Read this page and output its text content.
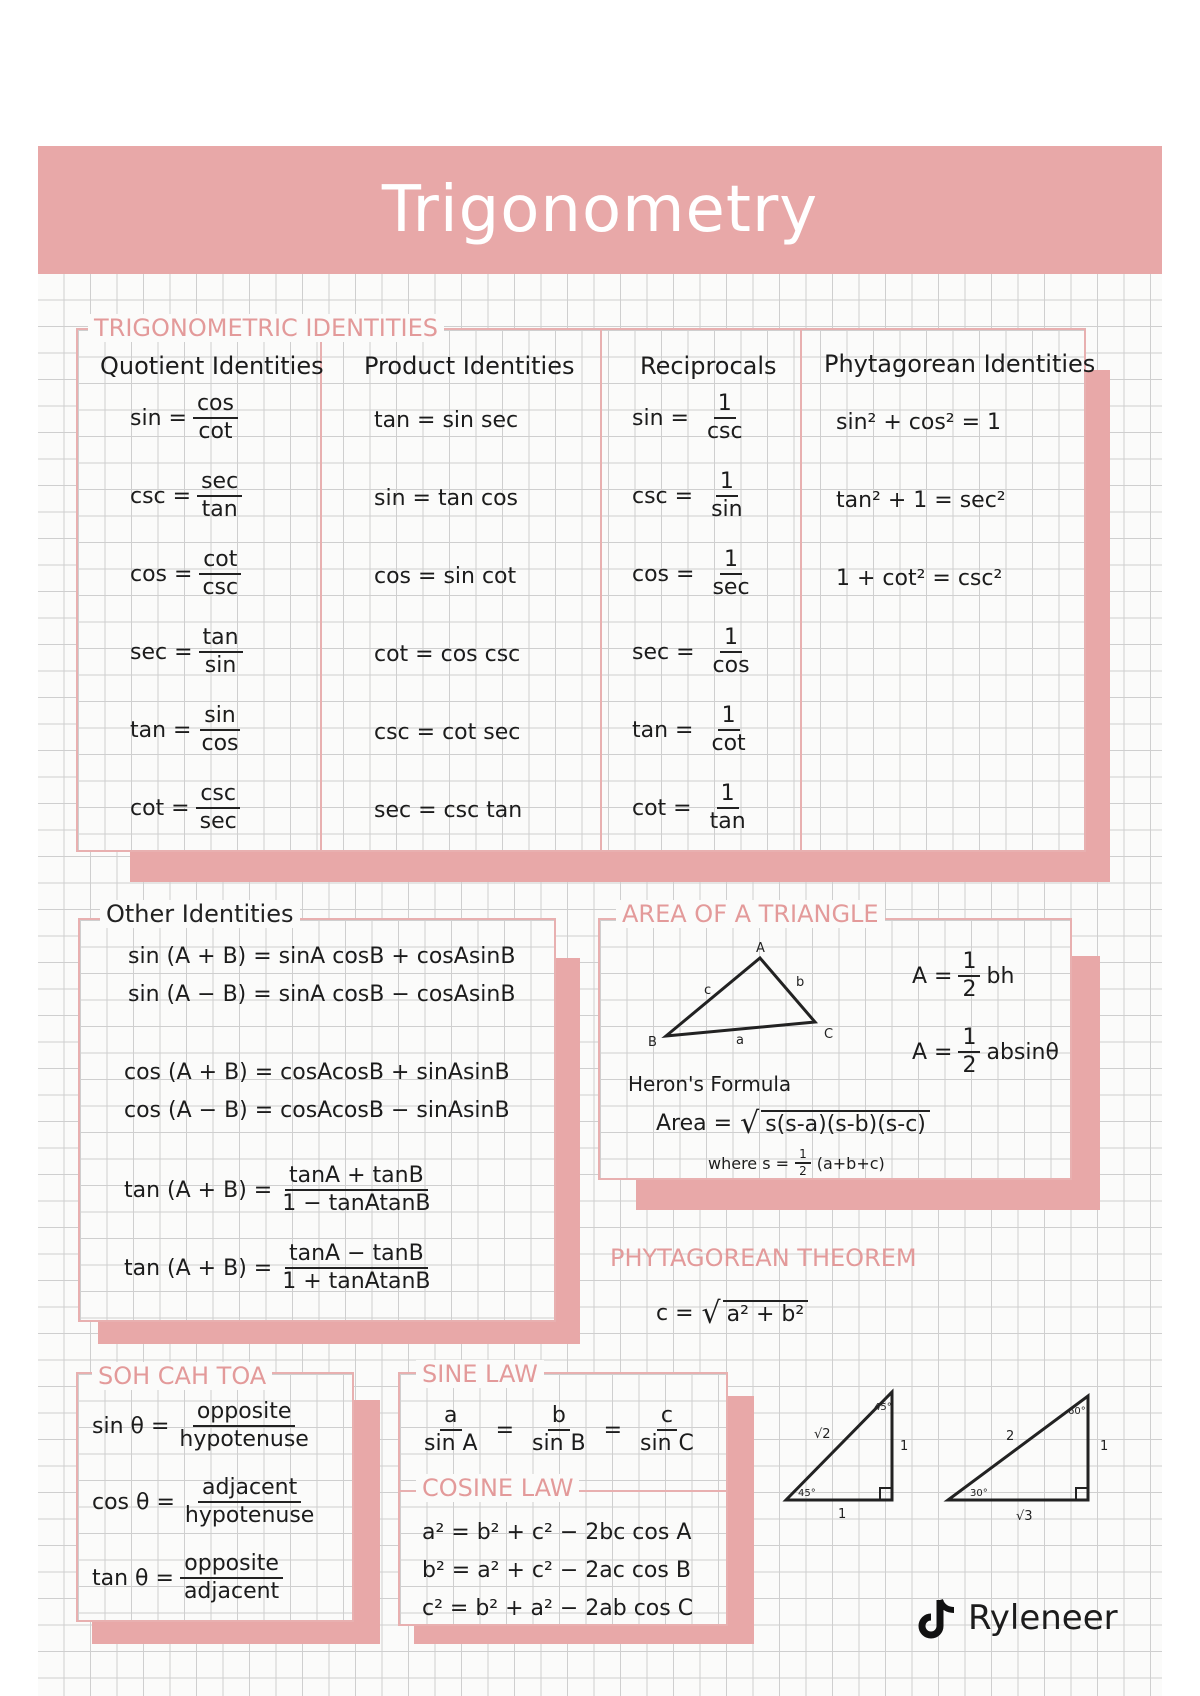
Trigonometry
Quotient Identities Product Identities	Reciprocals Phytagorean Identities
$\sin = \frac{\cos}{\cot}$
$\csc = \frac{\sec}{\tan}$
$\cos = \frac{\cot}{\csc}$
$\sec = \frac{\tan}{\sin}$
$\tan = \frac{\sin}{\cos}$
$\cot = \frac{\csc}{\sec}$
tan = sin sec
sin = tan cos
cos = sin cot
cot = cos csc
csc = cot sec
sec = csc tan
$\sin = \frac{1}{\csc}$
$\csc = \frac{1}{\sin}$
$\cos = \frac{1}{\sec}$
$\sec = \frac{1}{\cos}$
$\tan = \frac{1}{\cot}$
$\cot = \frac{1}{\tan}$
sin² + cos² = 1
tan² + 1 = sec²
1 + cot² = csc²
TRIGONOMETRIC IDENTITIES
sin (A + B) = sinA cosB + cosAsinB
sin (A − B) = sinA cosB − cosAsinB
cos (A + B) = cosAcosB + sinAsinB
cos (A − B) = cosAcosB − sinAsinB
$\tan (A + B) = \frac{\tan A + \tan B}{\text{1 − tanAtanB}}$
$\tan (A + B) = \frac{\tan A - \tan B}{\text{1 + tanAtanB}}$
Other Identities
A
B
C
a
b
c
$A = \frac{1}{2}$ bh
$A = \frac{1}{2}$ absinθ
Heron's Formula
Area = √ s(s-a)(s-b)(s-c)
where $s = \frac{1}{2} (a+b+c)$
AREA OF A TRIANGLE
PHYTAGOREAN THEOREM
c = √ a² + b²
$\sin \theta = \frac{\text{opposite}}{\text{hypotenuse}}$
$\cos \theta = \frac{\text{adjacent}}{\text{hypotenuse}}$
$\tan \theta = \frac{\text{opposite}}{\text{adjacent}}$
SOH CAH TOA
$\frac{a}{\text{sin A}} = \frac{b}{\text{sin B}} = \frac{c}{\text{sin C}}$
a² = b² + c² − 2bc cos A
b² = a² + c² − 2ac cos B
c² = b² + a² − 2ab cos C
SINE LAW
COSINE LAW
√2
1
1
45°
45°
2
1
√3
60°
30°
Ryleneer
